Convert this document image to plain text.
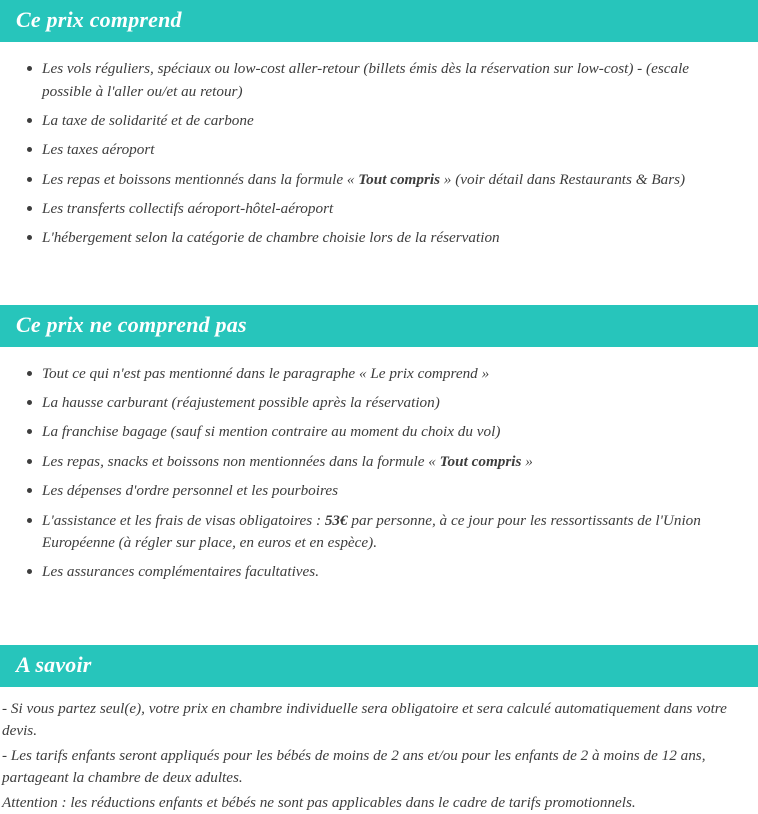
Ce prix comprend
Les vols réguliers, spéciaux ou low-cost aller-retour (billets émis dès la réservation sur low-cost) - (escale possible à l'aller ou/et au retour)
La taxe de solidarité et de carbone
Les taxes aéroport
Les repas et boissons mentionnés dans la formule « Tout compris » (voir détail dans Restaurants & Bars)
Les transferts collectifs aéroport-hôtel-aéroport
L'hébergement selon la catégorie de chambre choisie lors de la réservation
Ce prix ne comprend pas
Tout ce qui n'est pas mentionné dans le paragraphe « Le prix comprend »
La hausse carburant (réajustement possible après la réservation)
La franchise bagage (sauf si mention contraire au moment du choix du vol)
Les repas, snacks et boissons non mentionnées dans la formule « Tout compris »
Les dépenses d'ordre personnel et les pourboires
L'assistance et les frais de visas obligatoires : 53€ par personne, à ce jour pour les ressortissants de l'Union Européenne (à régler sur place, en euros et en espèce).
Les assurances complémentaires facultatives.
A savoir

- Si vous partez seul(e), votre prix en chambre individuelle sera obligatoire et sera calculé automatiquement dans votre devis.

- Les tarifs enfants seront appliqués pour les bébés de moins de 2 ans et/ou pour les enfants de 2 à moins de 12 ans, partageant la chambre de deux adultes.

Attention : les réductions enfants et bébés ne sont pas applicables dans le cadre de tarifs promotionnels.
